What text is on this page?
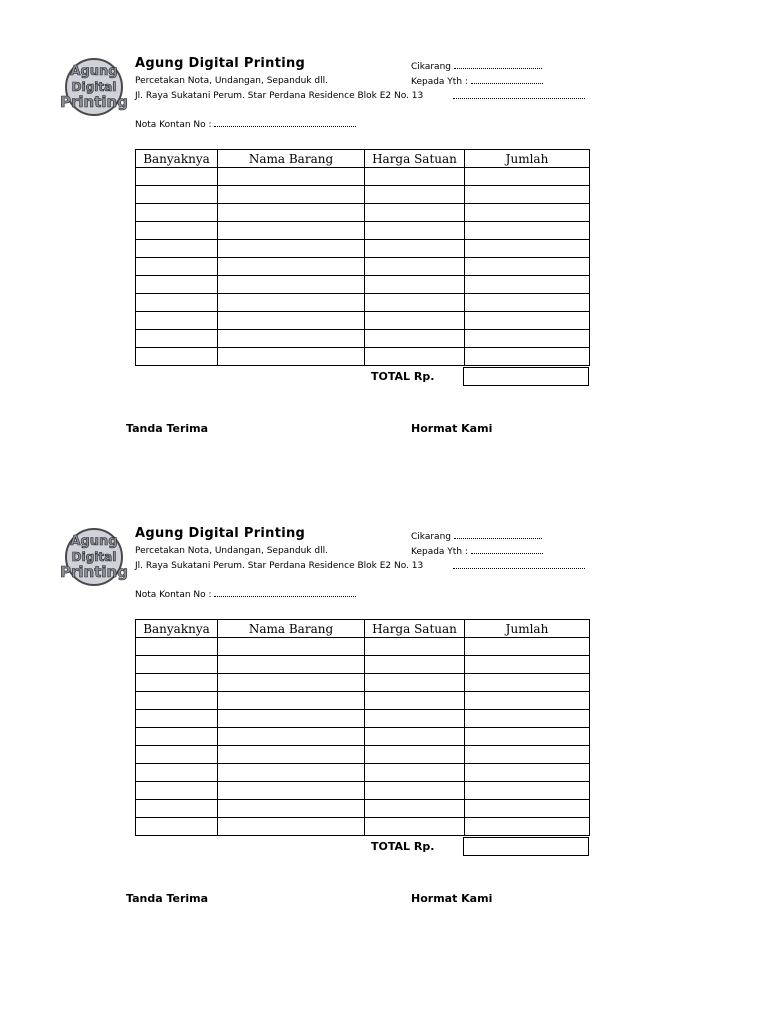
Agung
Digital
Printing
Agung Digital Printing
Percetakan Nota, Undangan, Sepanduk dll.
Jl. Raya Sukatani Perum. Star Perdana Residence Blok E2 No. 13
Cikarang
Kepada Yth :
Nota Kontan No :
Banyaknya	Nama Barang	Harga Satuan	Jumlah

TOTAL Rp.
Tanda Terima	Hormat Kami
Agung
Digital
Printing
Agung Digital Printing
Percetakan Nota, Undangan, Sepanduk dll.
Jl. Raya Sukatani Perum. Star Perdana Residence Blok E2 No. 13
Cikarang
Kepada Yth :
Nota Kontan No :
Banyaknya	Nama Barang	Harga Satuan	Jumlah

TOTAL Rp.
Tanda Terima	Hormat Kami
